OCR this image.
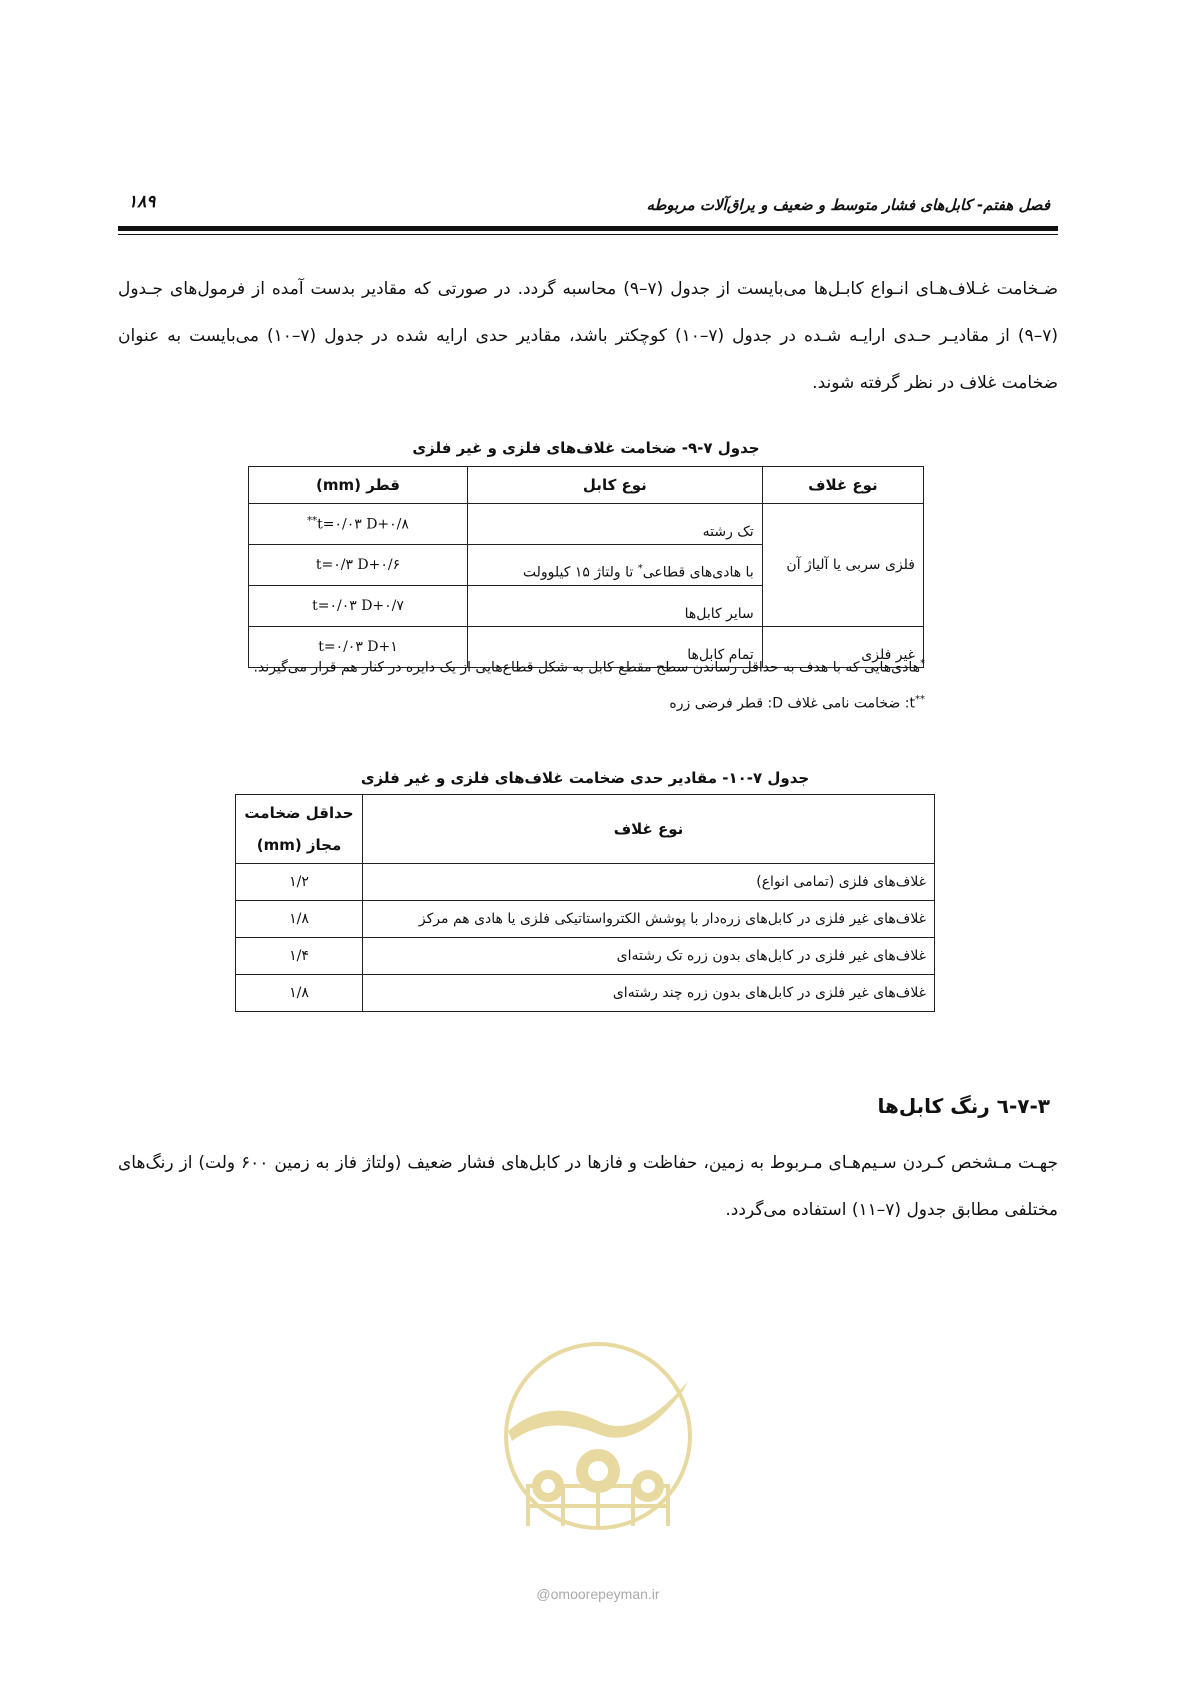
فصل هفتم- کابل‌های فشار متوسط و ضعیف و یراق‌آلات مربوطه
۱۸۹
ضـخامت غـلاف‌هـای انـواع کابـل‌ها می‌بایست از جدول (۷–۹) محاسبه گردد. در صورتی که مقادیر بدست آمده از فرمول‌های جـدول (۷–۹) از مقادیـر حـدی ارایـه شـده در جدول (۷–۱۰) کوچکتر باشد، مقادیر حدی ارایه شده در جدول (۷–۱۰) می‌بایست به عنوان ضخامت غلاف در نظر گرفته شوند.
جدول ۷-۹- ضخامت غلاف‌های فلزی و غیر فلزی
نوع غلاف	نوع کابل	قطر (mm)
فلزی سربی یا آلیاژ آن	تک رشته	**t=۰/۰۳ D+۰/۸
	با هادی‌های قطاعی* تا ولتاژ ۱۵ کیلوولت	t=۰/۳ D+۰/۶
	سایر کابل‌ها	t=۰/۰۳ D+۰/۷
غیر فلزی	تمام کابل‌ها	t=۰/۰۳ D+۱
*هادی‌هایی که با هدف به حداقل رساندن سطح مقطع کابل به شکل قطاع‌هایی از یک دایره در کنار هم قرار می‌گیرند.
**t: ضخامت نامی غلاف D: قطر فرضی زره
جدول ۷-۱۰- مقادیر حدی ضخامت غلاف‌های فلزی و غیر فلزی
نوع غلاف	حداقل ضخامت
مجاز (mm)

غلاف‌های فلزی (تمامی انواع)	۱/۲
غلاف‌های غیر فلزی در کابل‌های زره‌دار با پوشش الکترواستاتیکی فلزی یا هادی هم مرکز	۱/۸
غلاف‌های غیر فلزی در کابل‌های بدون زره تک رشته‌ای	۱/۴
غلاف‌های غیر فلزی در کابل‌های بدون زره چند رشته‌ای	۱/۸
۷-۳-٦ رنگ کابل‌ها
جهـت مـشخص کـردن سـیم‌هـای مـربوط به زمین، حفاظت و فازها در کابل‌های فشار ضعیف (ولتاژ فاز به زمین ۶۰۰ ولت) از رنگ‌های مختلفی مطابق جدول (۷–۱۱) استفاده می‌گردد.
@omoorepeyman.ir
